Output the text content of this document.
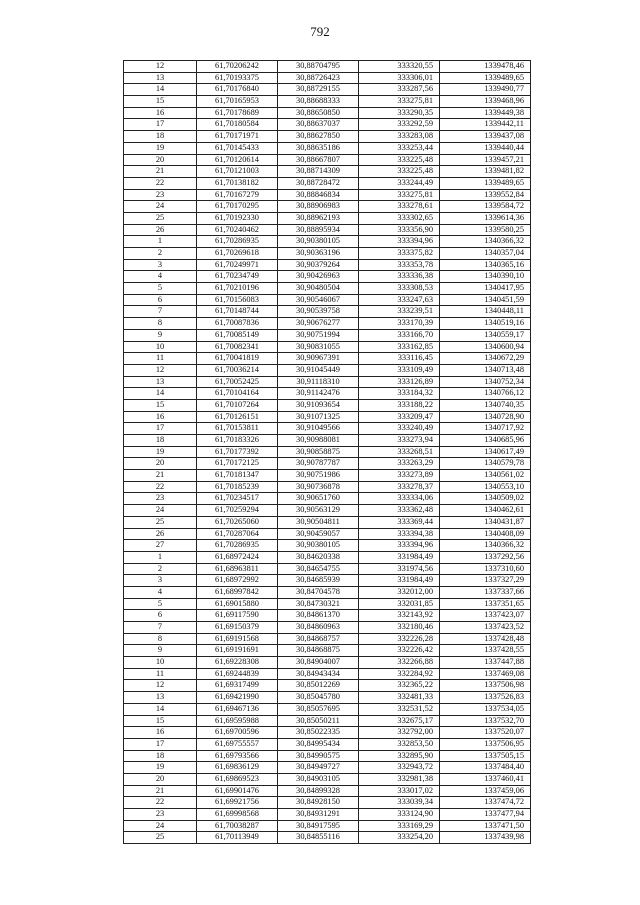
792
12	61,70206242	30,88704795	333320,55	1339478,46
13	61,70193375	30,88726423	333306,01	1339489,65
14	61,70176840	30,88729155	333287,56	1339490,77
15	61,70165953	30,88688333	333275,81	1339468,96
16	61,70178689	30,88650850	333290,35	1339449,38
17	61,70180584	30,88637037	333292,59	1339442,11
18	61,70171971	30,88627850	333283,08	1339437,08
19	61,70145433	30,88635186	333253,44	1339440,44
20	61,70120614	30,88667807	333225,48	1339457,21
21	61,70121003	30,88714309	333225,48	1339481,82
22	61,70138182	30,88728472	333244,49	1339489,65
23	61,70167279	30,88846834	333275,81	1339552,84
24	61,70170295	30,88906983	333278,61	1339584,72
25	61,70192330	30,88962193	333302,65	1339614,36
26	61,70240462	30,88895934	333356,90	1339580,25
1	61,70286935	30,90380105	333394,96	1340366,32
2	61,70269618	30,90363196	333375,82	1340357,04
3	61,70249971	30,90379264	333353,78	1340365,16
4	61,70234749	30,90426963	333336,38	1340390,10
5	61,70210196	30,90480504	333308,53	1340417,95
6	61,70156083	30,90546067	333247,63	1340451,59
7	61,70148744	30,90539758	333239,51	1340448,11
8	61,70087836	30,90676277	333170,39	1340519,16
9	61,70085149	30,90751994	333166,70	1340559,17
10	61,70082341	30,90831055	333162,85	1340600,94
11	61,70041819	30,90967391	333116,45	1340672,29
12	61,70036214	30,91045449	333109,49	1340713,48
13	61,70052425	30,91118310	333126,89	1340752,34
14	61,70104164	30,91142476	333184,32	1340766,12
15	61,70107264	30,91093654	333188,22	1340740,35
16	61,70126151	30,91071325	333209,47	1340728,90
17	61,70153811	30,91049566	333240,49	1340717,92
18	61,70183326	30,90988081	333273,94	1340685,96
19	61,70177392	30,90858875	333268,51	1340617,49
20	61,70172125	30,90787787	333263,29	1340579,78
21	61,70181347	30,90751986	333273,89	1340561,02
22	61,70185239	30,90736878	333278,37	1340553,10
23	61,70234517	30,90651760	333334,06	1340509,02
24	61,70259294	30,90563129	333362,48	1340462,61
25	61,70265060	30,90504811	333369,44	1340431,87
26	61,70287064	30,90459057	333394,38	1340408,09
27	61,70286935	30,90380105	333394,96	1340366,32
1	61,68972424	30,84620338	331984,49	1337292,56
2	61,68963811	30,84654755	331974,56	1337310,60
3	61,68972992	30,84685939	331984,49	1337327,29
4	61,68997842	30,84704578	332012,00	1337337,66
5	61,69015880	30,84730321	332031,85	1337351,65
6	61,69117590	30,84861370	332143,92	1337423,07
7	61,69150379	30,84860963	332180,46	1337423,52
8	61,69191568	30,84868757	332226,28	1337428,48
9	61,69191691	30,84868875	332226,42	1337428,55
10	61,69228308	30,84904007	332266,88	1337447,88
11	61,69244839	30,84943434	332284,92	1337469,08
12	61,69317499	30,85012269	332365,22	1337506,98
13	61,69421990	30,85045780	332481,33	1337526,83
14	61,69467136	30,85057695	332531,52	1337534,05
15	61,69595988	30,85050211	332675,17	1337532,70
16	61,69700596	30,85022335	332792,00	1337520,07
17	61,69755557	30,84995434	332853,50	1337506,95
18	61,69793566	30,84990575	332895,90	1337505,15
19	61,69836129	30,84949727	332943,72	1337484,40
20	61,69869523	30,84903105	332981,38	1337460,41
21	61,69901476	30,84899328	333017,02	1337459,06
22	61,69921756	30,84928150	333039,34	1337474,72
23	61,69998568	30,84931291	333124,90	1337477,94
24	61,70038287	30,84917595	333169,29	1337471,50
25	61,70113949	30,84855116	333254,20	1337439,98
